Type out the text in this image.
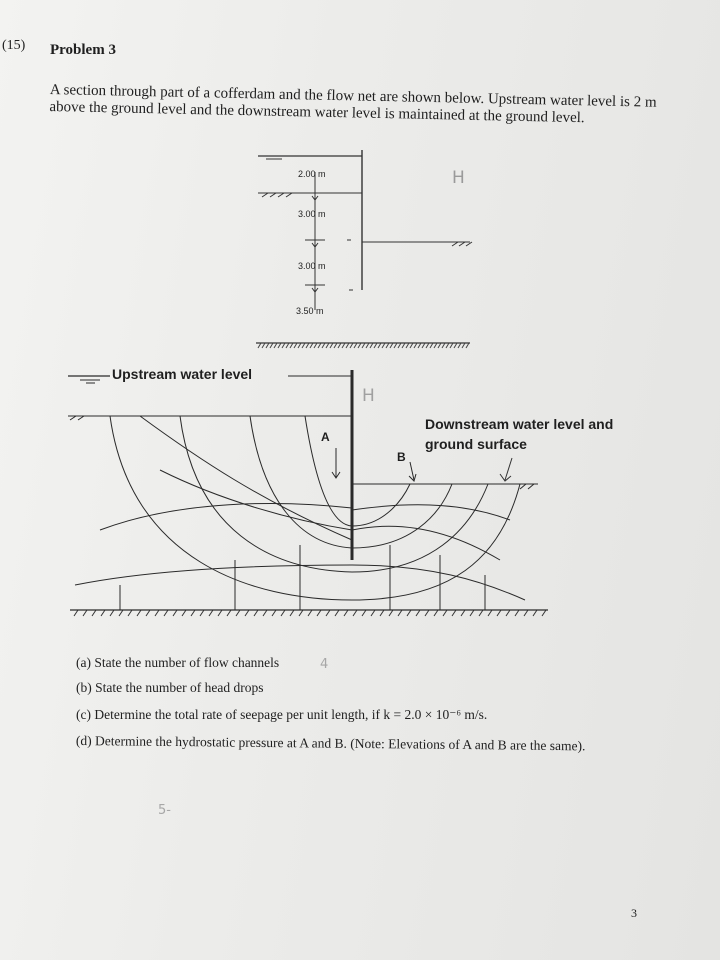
(15) Problem 3
A section through part of a cofferdam and the flow net are shown below. Upstream water level is 2 m above the ground level and the downstream water level is maintained at the ground level.
2.00 m
3.00 m
3.00 m
3.50 m
H
Upstream water level
Downstream water level and
ground surface
A
B
H
(a) State the number of flow channels
(b) State the number of head drops
(c) Determine the total rate of seepage per unit length, if k = 2.0 × 10⁻⁶ m/s.
(d) Determine the hydrostatic pressure at A and B. (Note: Elevations of A and B are the same).
4
5-
3
